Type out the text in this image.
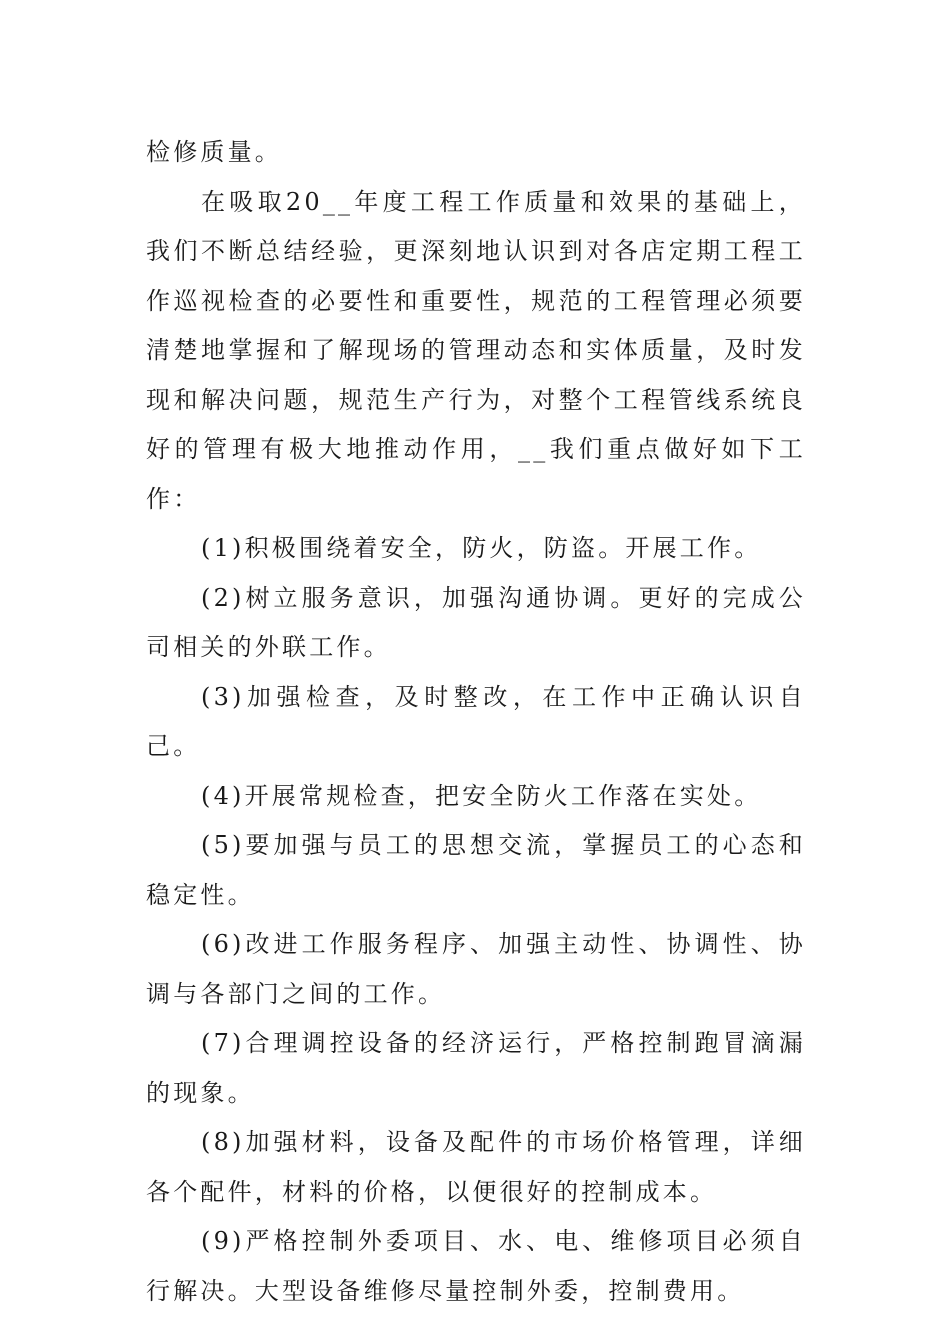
检修质量。

在吸取20__年度工程工作质量和效果的基础上，我们不断总结经验，更深刻地认识到对各店定期工程工作巡视检查的必要性和重要性，规范的工程管理必须要清楚地掌握和了解现场的管理动态和实体质量，及时发现和解决问题，规范生产行为，对整个工程管线系统良好的管理有极大地推动作用，__我们重点做好如下工作：

(1)积极围绕着安全，防火，防盗。开展工作。

(2)树立服务意识，加强沟通协调。更好的完成公司相关的外联工作。

(3)加强检查，及时整改，在工作中正确认识自己。

(4)开展常规检查，把安全防火工作落在实处。

(5)要加强与员工的思想交流，掌握员工的心态和稳定性。

(6)改进工作服务程序、加强主动性、协调性、协调与各部门之间的工作。

(7)合理调控设备的经济运行，严格控制跑冒滴漏的现象。

(8)加强材料，设备及配件的市场价格管理，详细各个配件，材料的价格，以便很好的控制成本。

(9)严格控制外委项目、水、电、维修项目必须自行解决。大型设备维修尽量控制外委，控制费用。
